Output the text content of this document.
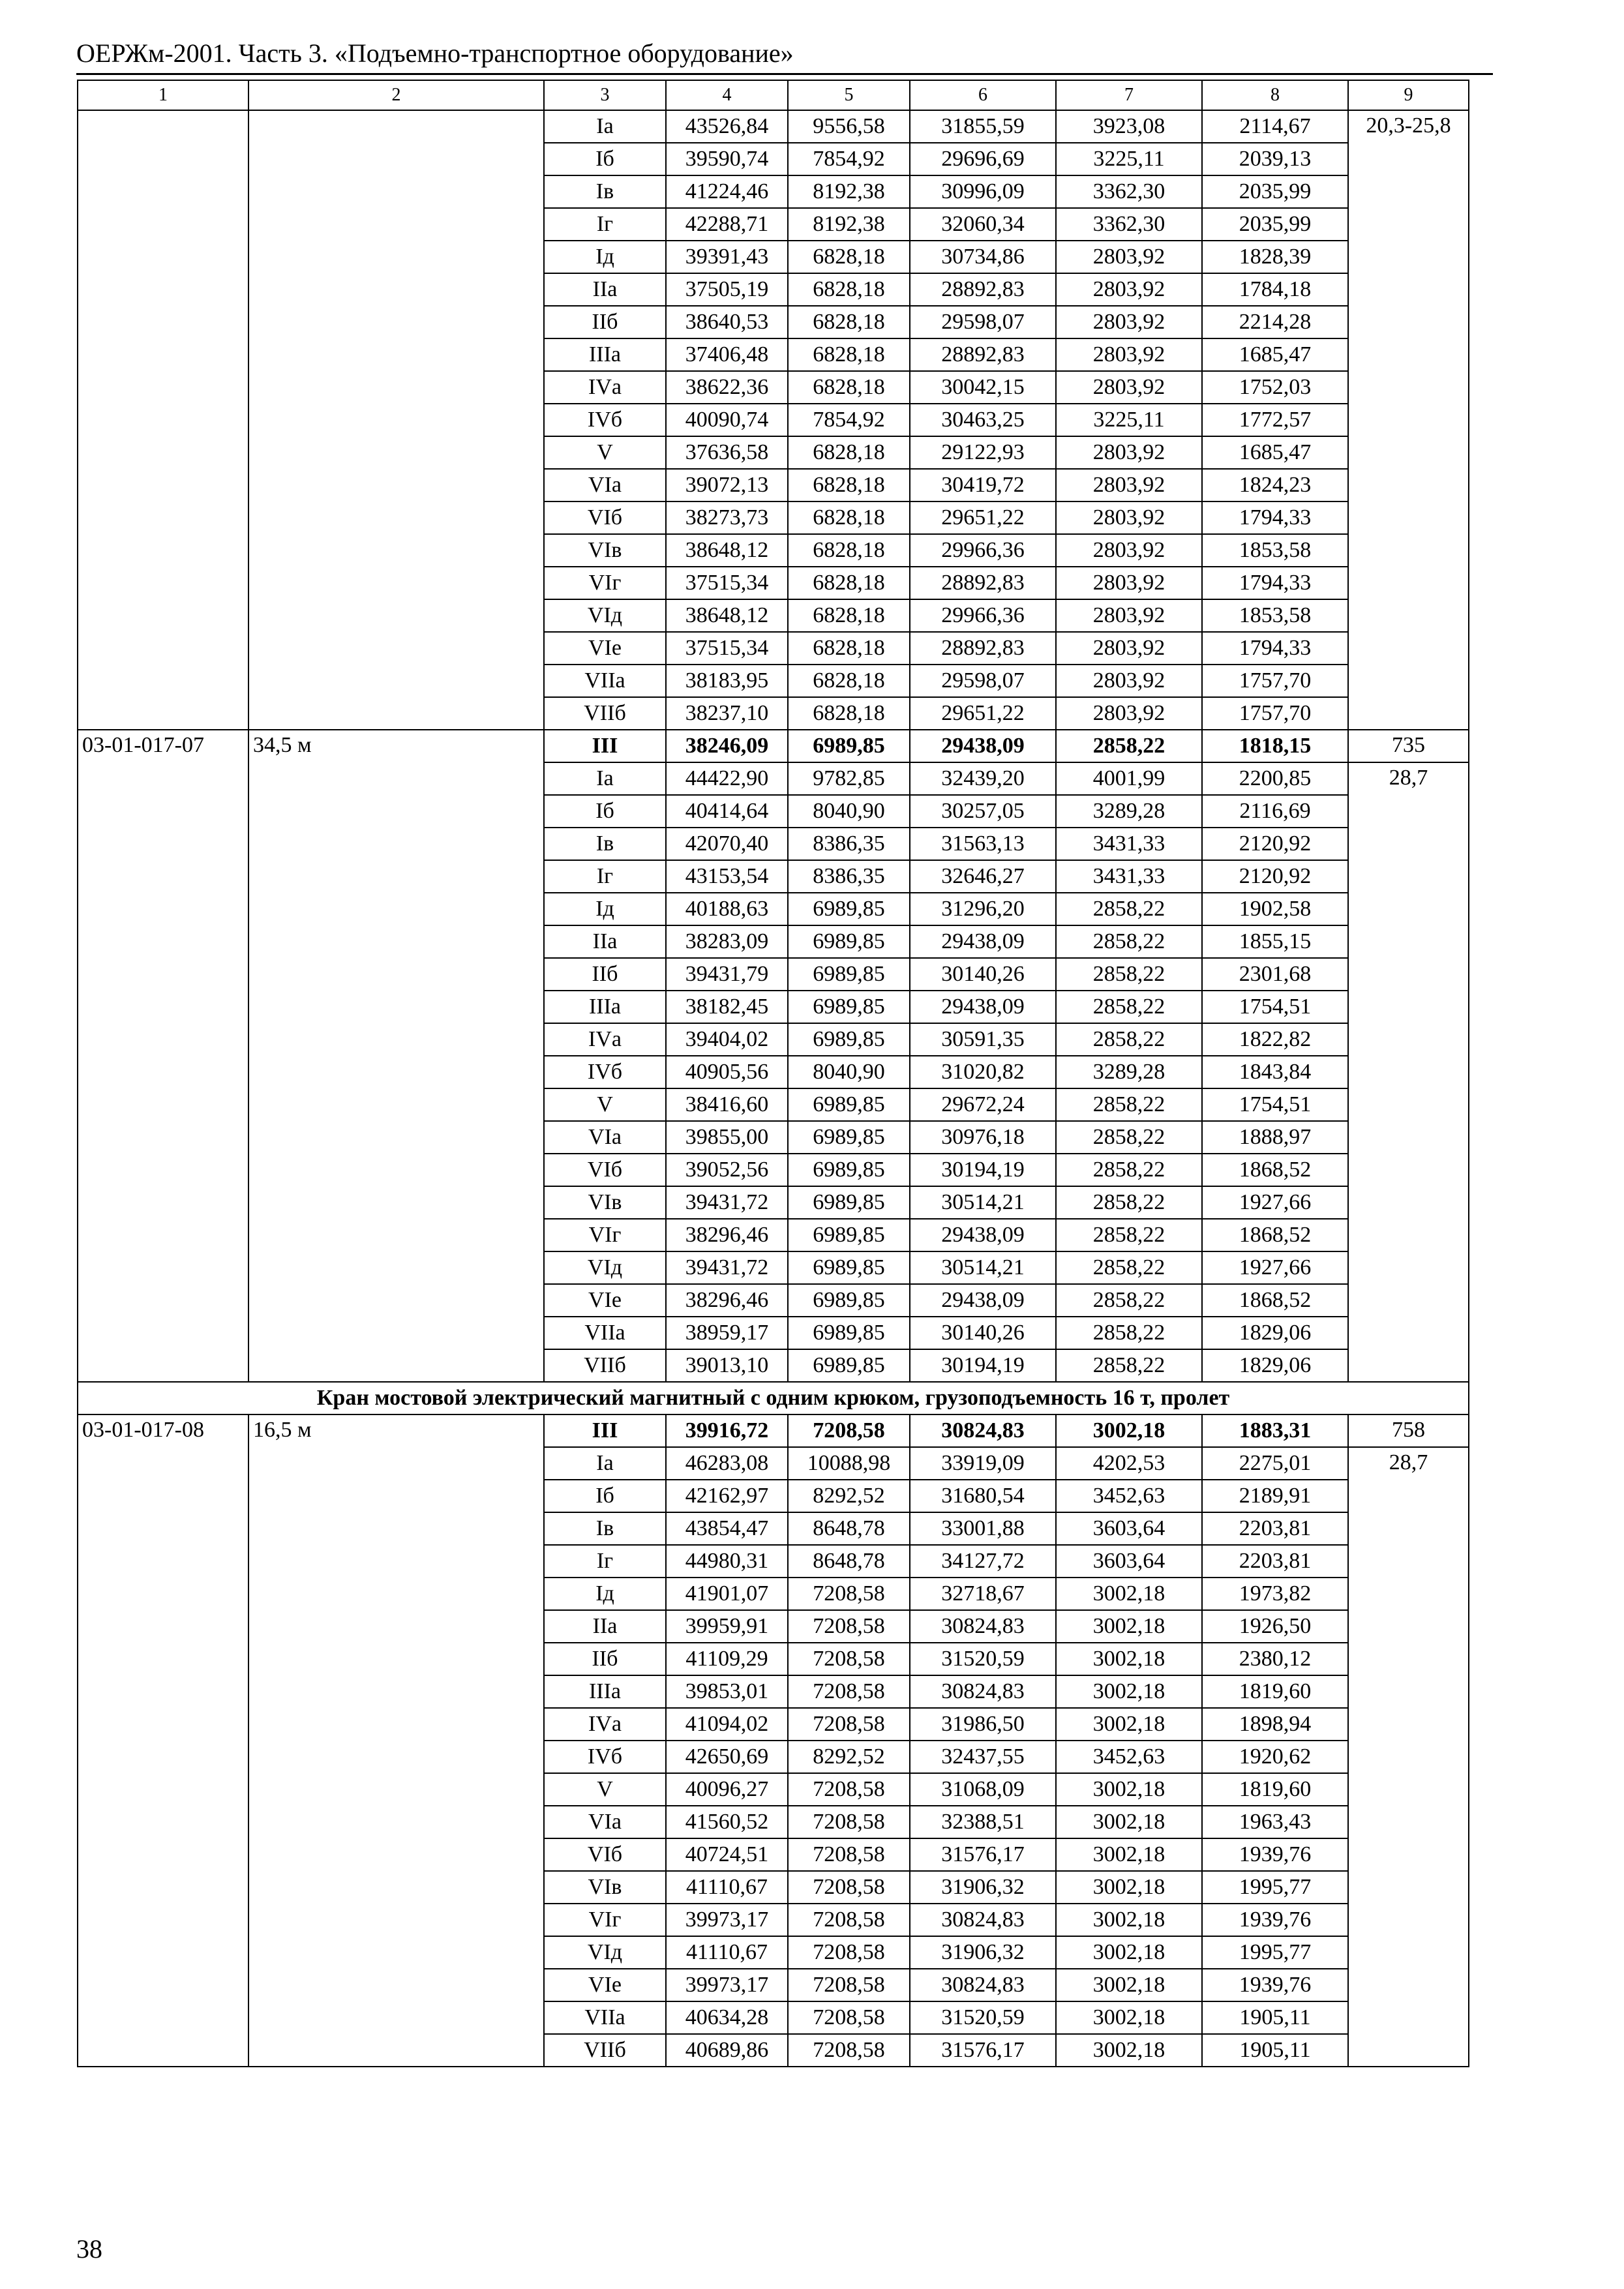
ОЕРЖм-2001. Часть 3. «Подъемно-транспортное оборудование»
1	2	3	4	5	6	7	8	9
		Iа	43526,84	9556,58	31855,59	3923,08	2114,67	20,3-25,8
		Iб	39590,74	7854,92	29696,69	3225,11	2039,13	
		Iв	41224,46	8192,38	30996,09	3362,30	2035,99	
		Iг	42288,71	8192,38	32060,34	3362,30	2035,99	
		Iд	39391,43	6828,18	30734,86	2803,92	1828,39	
		IIа	37505,19	6828,18	28892,83	2803,92	1784,18	
		IIб	38640,53	6828,18	29598,07	2803,92	2214,28	
		IIIа	37406,48	6828,18	28892,83	2803,92	1685,47	
		IVа	38622,36	6828,18	30042,15	2803,92	1752,03	
		IVб	40090,74	7854,92	30463,25	3225,11	1772,57	
		V	37636,58	6828,18	29122,93	2803,92	1685,47	
		VIа	39072,13	6828,18	30419,72	2803,92	1824,23	
		VIб	38273,73	6828,18	29651,22	2803,92	1794,33	
		VIв	38648,12	6828,18	29966,36	2803,92	1853,58	
		VIг	37515,34	6828,18	28892,83	2803,92	1794,33	
		VIд	38648,12	6828,18	29966,36	2803,92	1853,58	
		VIе	37515,34	6828,18	28892,83	2803,92	1794,33	
		VIIа	38183,95	6828,18	29598,07	2803,92	1757,70	
		VIIб	38237,10	6828,18	29651,22	2803,92	1757,70	
03-01-017-07	34,5 м	III	38246,09	6989,85	29438,09	2858,22	1818,15	735
		Iа	44422,90	9782,85	32439,20	4001,99	2200,85	28,7
		Iб	40414,64	8040,90	30257,05	3289,28	2116,69	
		Iв	42070,40	8386,35	31563,13	3431,33	2120,92	
		Iг	43153,54	8386,35	32646,27	3431,33	2120,92	
		Iд	40188,63	6989,85	31296,20	2858,22	1902,58	
		IIа	38283,09	6989,85	29438,09	2858,22	1855,15	
		IIб	39431,79	6989,85	30140,26	2858,22	2301,68	
		IIIа	38182,45	6989,85	29438,09	2858,22	1754,51	
		IVа	39404,02	6989,85	30591,35	2858,22	1822,82	
		IVб	40905,56	8040,90	31020,82	3289,28	1843,84	
		V	38416,60	6989,85	29672,24	2858,22	1754,51	
		VIа	39855,00	6989,85	30976,18	2858,22	1888,97	
		VIб	39052,56	6989,85	30194,19	2858,22	1868,52	
		VIв	39431,72	6989,85	30514,21	2858,22	1927,66	
		VIг	38296,46	6989,85	29438,09	2858,22	1868,52	
		VIд	39431,72	6989,85	30514,21	2858,22	1927,66	
		VIе	38296,46	6989,85	29438,09	2858,22	1868,52	
		VIIа	38959,17	6989,85	30140,26	2858,22	1829,06	
		VIIб	39013,10	6989,85	30194,19	2858,22	1829,06	
Кран мостовой электрический магнитный с одним крюком, грузоподъемность 16 т, пролет								
03-01-017-08	16,5 м	III	39916,72	7208,58	30824,83	3002,18	1883,31	758
		Iа	46283,08	10088,98	33919,09	4202,53	2275,01	28,7
		Iб	42162,97	8292,52	31680,54	3452,63	2189,91	
		Iв	43854,47	8648,78	33001,88	3603,64	2203,81	
		Iг	44980,31	8648,78	34127,72	3603,64	2203,81	
		Iд	41901,07	7208,58	32718,67	3002,18	1973,82	
		IIа	39959,91	7208,58	30824,83	3002,18	1926,50	
		IIб	41109,29	7208,58	31520,59	3002,18	2380,12	
		IIIа	39853,01	7208,58	30824,83	3002,18	1819,60	
		IVа	41094,02	7208,58	31986,50	3002,18	1898,94	
		IVб	42650,69	8292,52	32437,55	3452,63	1920,62	
		V	40096,27	7208,58	31068,09	3002,18	1819,60	
		VIа	41560,52	7208,58	32388,51	3002,18	1963,43	
		VIб	40724,51	7208,58	31576,17	3002,18	1939,76	
		VIв	41110,67	7208,58	31906,32	3002,18	1995,77	
		VIг	39973,17	7208,58	30824,83	3002,18	1939,76	
		VIд	41110,67	7208,58	31906,32	3002,18	1995,77	
		VIе	39973,17	7208,58	30824,83	3002,18	1939,76	
		VIIа	40634,28	7208,58	31520,59	3002,18	1905,11	
		VIIб	40689,86	7208,58	31576,17	3002,18	1905,11	
38
